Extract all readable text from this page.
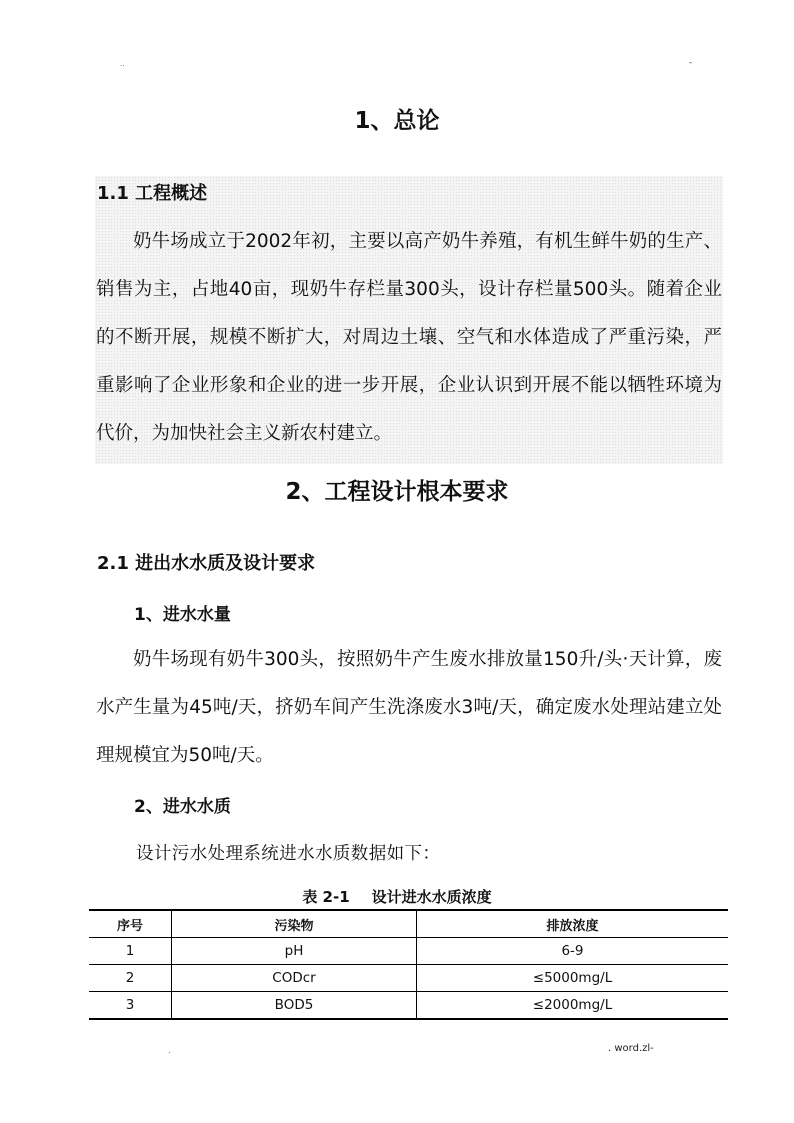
..	-
1、总论
1.1 工程概述

奶牛场成立于2002年初，主要以高产奶牛养殖，有机生鲜牛奶的生产、销售为主，占地40亩，现奶牛存栏量300头，设计存栏量500头。随着企业的不断开展，规模不断扩大，对周边土壤、空气和水体造成了严重污染，严重影响了企业形象和企业的进一步开展，企业认识到开展不能以牺牲环境为代价，为加快社会主义新农村建立。

2、工程设计根本要求
2.1 进出水水质及设计要求
1、进水水量

奶牛场现有奶牛300头，按照奶牛产生废水排放量150升/头·天计算，废水产生量为45吨/天，挤奶车间产生洗涤废水3吨/天，确定废水处理站建立处理规模宜为50吨/天。

2、进水水质
设计污水处理系统进水水质数据如下：
表 2-1 设计进水水质浓度
序号	污染物	排放浓度
1	pH	6-9
2	CODcr	≤5000mg/L
3	BOD5	≤2000mg/L
.	. word.zl-
